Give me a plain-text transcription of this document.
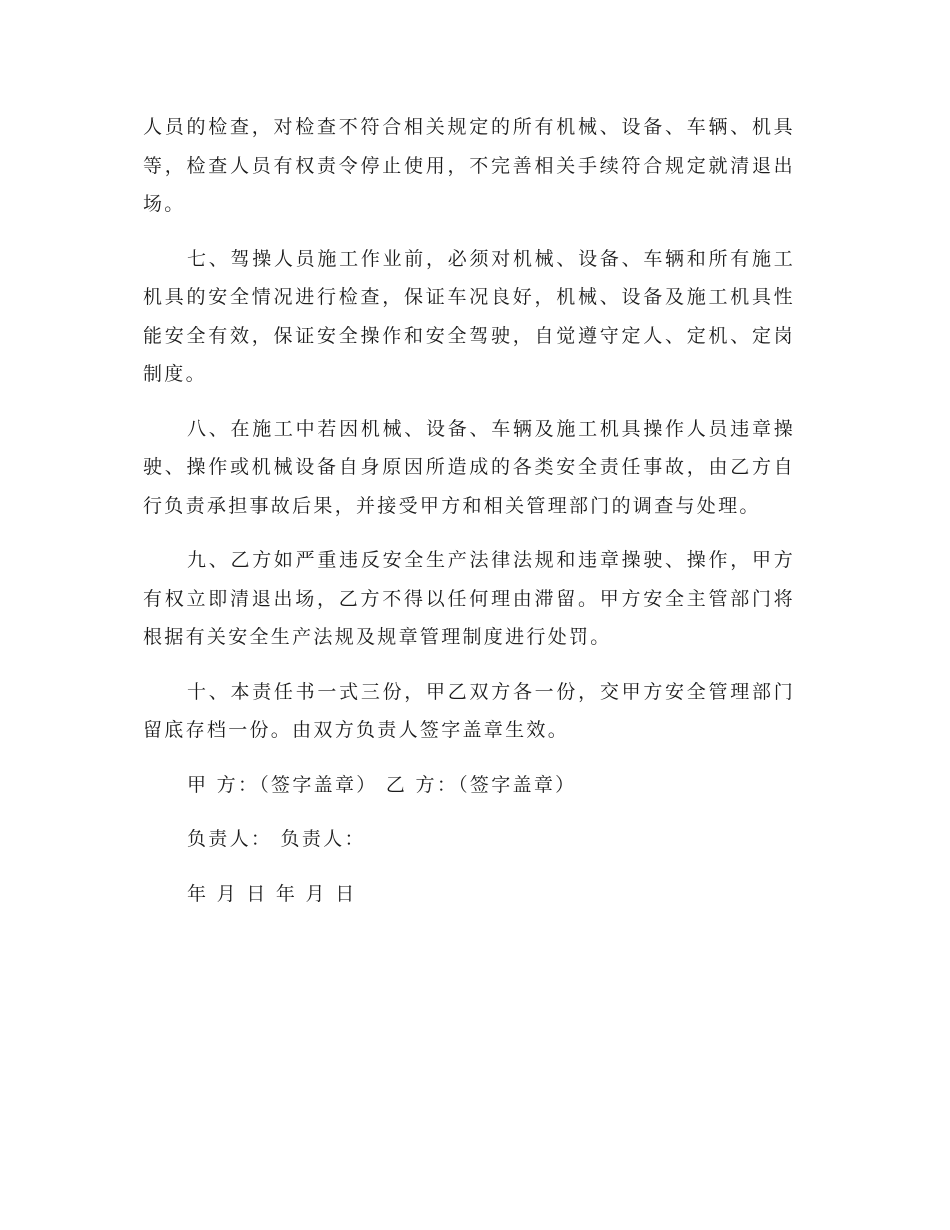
人员的检查，对检查不符合相关规定的所有机械、设备、车辆、机具等，检查人员有权责令停止使用，不完善相关手续符合规定就清退出场。

七、驾操人员施工作业前，必须对机械、设备、车辆和所有施工机具的安全情况进行检查，保证车况良好，机械、设备及施工机具性能安全有效，保证安全操作和安全驾驶，自觉遵守定人、定机、定岗制度。

八、在施工中若因机械、设备、车辆及施工机具操作人员违章操驶、操作或机械设备自身原因所造成的各类安全责任事故，由乙方自行负责承担事故后果，并接受甲方和相关管理部门的调查与处理。

九、乙方如严重违反安全生产法律法规和违章操驶、操作，甲方有权立即清退出场，乙方不得以任何理由滞留。甲方安全主管部门将根据有关安全生产法规及规章管理制度进行处罚。

十、本责任书一式三份，甲乙双方各一份，交甲方安全管理部门留底存档一份。由双方负责人签字盖章生效。

甲 方：（签字盖章） 乙 方：（签字盖章）

负责人： 负责人：

年 月 日 年 月 日
